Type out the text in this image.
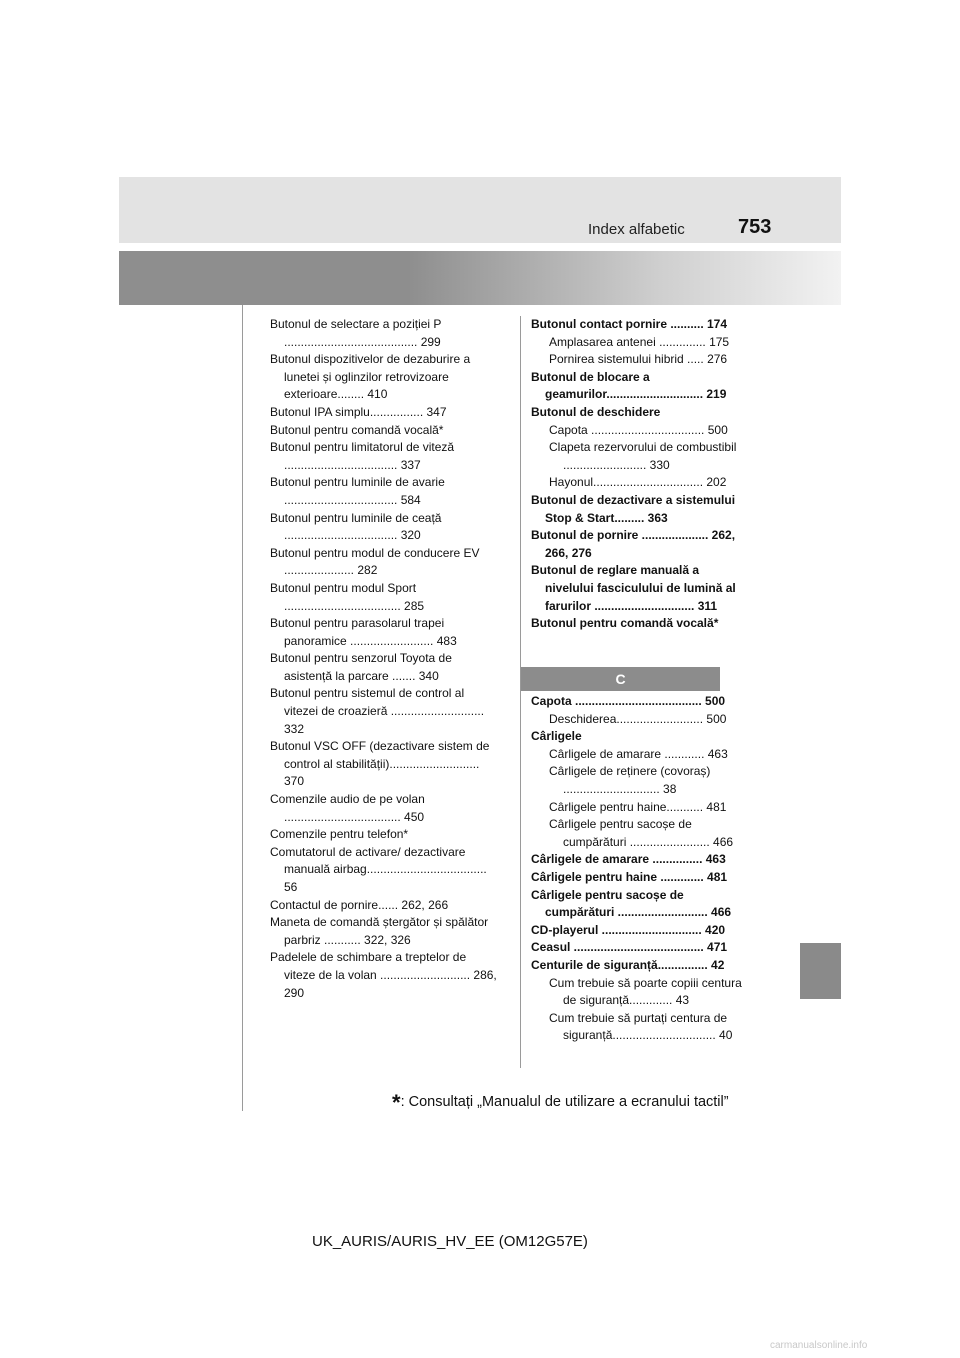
Index alfabetic	753
Butonul de selectare a poziției P ........................................ 299
Butonul dispozitivelor de dezaburire a lunetei și oglinzilor retrovizoare exterioare........ 410
Butonul IPA simplu................ 347
Butonul pentru comandă vocală*
Butonul pentru limitatorul de viteză .................................. 337
Butonul pentru luminile de avarie .................................. 584
Butonul pentru luminile de ceață .................................. 320
Butonul pentru modul de conducere EV ..................... 282
Butonul pentru modul Sport ................................... 285
Butonul pentru parasolarul trapei panoramice ......................... 483
Butonul pentru senzorul Toyota de asistență la parcare ....... 340
Butonul pentru sistemul de control al vitezei de croazieră ............................ 332
Butonul VSC OFF (dezactivare sistem de control al stabilității)........................... 370
Comenzile audio de pe volan ................................... 450
Comenzile pentru telefon*
Comutatorul de activare/ dezactivare manuală airbag.................................... 56
Contactul de pornire...... 262, 266
Maneta de comandă ștergător și spălător parbriz ........... 322, 326
Padelele de schimbare a treptelor de viteze de la volan ........................... 286, 290
Butonul contact pornire .......... 174
Amplasarea antenei .............. 175
Pornirea sistemului hibrid ..... 276
Butonul de blocare a geamurilor............................. 219
Butonul de deschidere
Capota .................................. 500
Clapeta rezervorului de combustibil ......................... 330
Hayonul................................. 202
Butonul de dezactivare a sistemului Stop & Start......... 363
Butonul de pornire .................... 262, 266, 276
Butonul de reglare manuală a nivelului fasciculului de lumină al farurilor .............................. 311
Butonul pentru comandă vocală*
C
Capota ...................................... 500
Deschiderea.......................... 500
Cârligele
Cârligele de amarare ............ 463
Cârligele de reținere (covoraș) ............................. 38
Cârligele pentru haine........... 481
Cârligele pentru sacoșe de cumpărături ........................ 466
Cârligele de amarare ............... 463
Cârligele pentru haine ............. 481
Cârligele pentru sacoșe de cumpărături ........................... 466
CD-playerul .............................. 420
Ceasul ....................................... 471
Centurile de siguranță............... 42
Cum trebuie să poarte copiii centura de siguranță............. 43
Cum trebuie să purtați centura de siguranță............................... 40
*: Consultați „Manualul de utilizare a ecranului tactil”
UK_AURIS/AURIS_HV_EE (OM12G57E)
carmanualsonline.info
